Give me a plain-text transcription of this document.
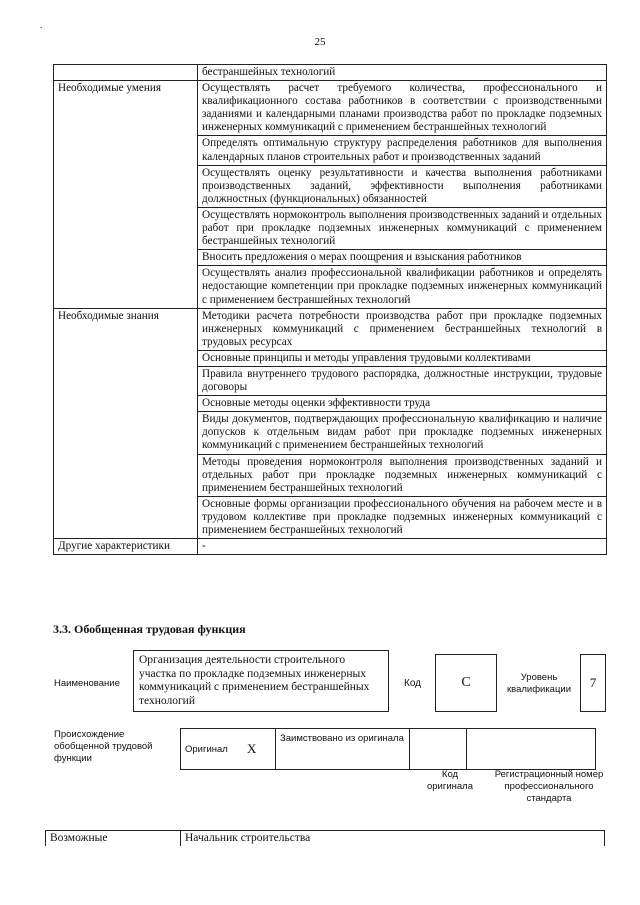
.
25
	бестраншейных технологий
Необходимые умения	Осуществлять расчет требуемого количества, профессионального и квалификационного состава работников в соответствии с производственными заданиями и календарными планами производства работ по прокладке подземных инженерных коммуникаций с применением бестраншейных технологий
	Определять оптимальную структуру распределения работников для выполнения календарных планов строительных работ и производственных заданий
	Осуществлять оценку результативности и качества выполнения работниками производственных заданий, эффективности выполнения работниками должностных (функциональных) обязанностей
	Осуществлять нормоконтроль выполнения производственных заданий и отдельных работ при прокладке подземных инженерных коммуникаций с применением бестраншейных технологий
	Вносить предложения о мерах поощрения и взыскания работников
	Осуществлять анализ профессиональной квалификации работников и определять недостающие компетенции при прокладке подземных инженерных коммуникаций с применением бестраншейных технологий
Необходимые знания	Методики расчета потребности производства работ при прокладке подземных инженерных коммуникаций с применением бестраншейных технологий в трудовых ресурсах
	Основные принципы и методы управления трудовыми коллективами
	Правила внутреннего трудового распорядка, должностные инструкции, трудовые договоры
	Основные методы оценки эффективности труда
	Виды документов, подтверждающих профессиональную квалификацию и наличие допусков к отдельным видам работ при прокладке подземных инженерных коммуникаций с применением бестраншейных технологий
	Методы проведения нормоконтроля выполнения производственных заданий и отдельных работ при прокладке подземных инженерных коммуникаций с применением бестраншейных технологий
	Основные формы организации профессионального обучения на рабочем месте и в трудовом коллективе при прокладке подземных инженерных коммуникаций с применением бестраншейных технологий
Другие характеристики	-
3.3. Обобщенная трудовая функция
Наименование
Организация деятельности строительного участка по прокладке подземных инженерных коммуникаций с применением бестраншейных технологий
Код	C	Уровень квалификации	7
Происхождение обобщенной трудовой функции
Оригинал	X	Заимствовано из оригинала		
Код оригинала
Регистрационный номер профессионального стандарта
Возможные	Начальник строительства
